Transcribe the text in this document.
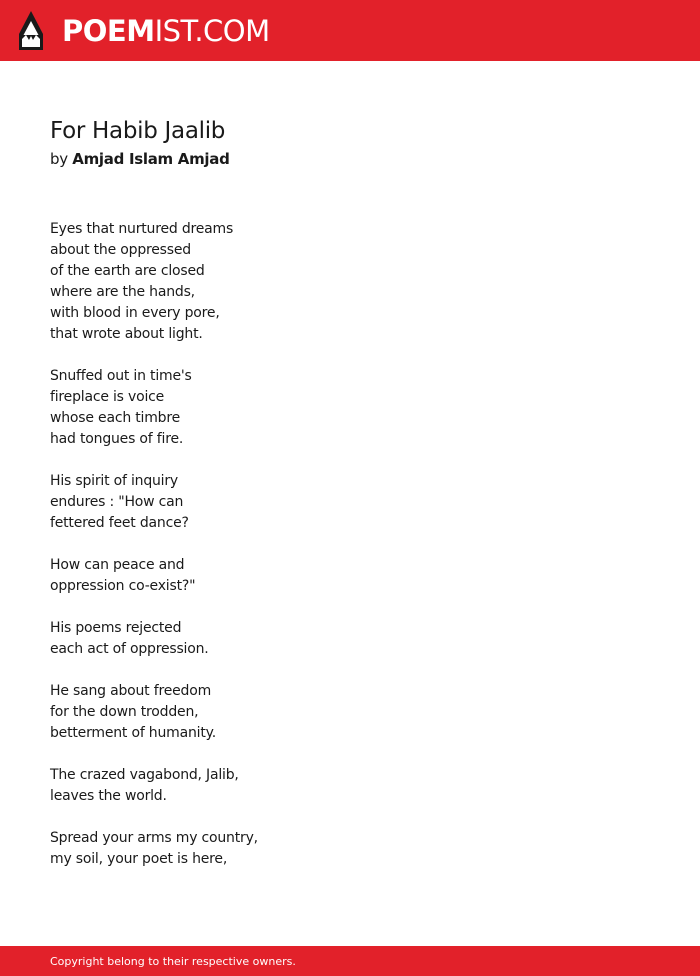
POEMIST.COM
For Habib Jaalib
by Amjad Islam Amjad
Eyes that nurtured dreams
about the oppressed
of the earth are closed
where are the hands,
with blood in every pore,
that wrote about light.
Snuffed out in time's
fireplace is voice
whose each timbre
had tongues of fire.
His spirit of inquiry
endures : "How can
fettered feet dance?
How can peace and
oppression co-exist?"
His poems rejected
each act of oppression.
He sang about freedom
for the down trodden,
betterment of humanity.
The crazed vagabond, Jalib,
leaves the world.
Spread your arms my country,
my soil, your poet is here,
Copyright belong to their respective owners.
